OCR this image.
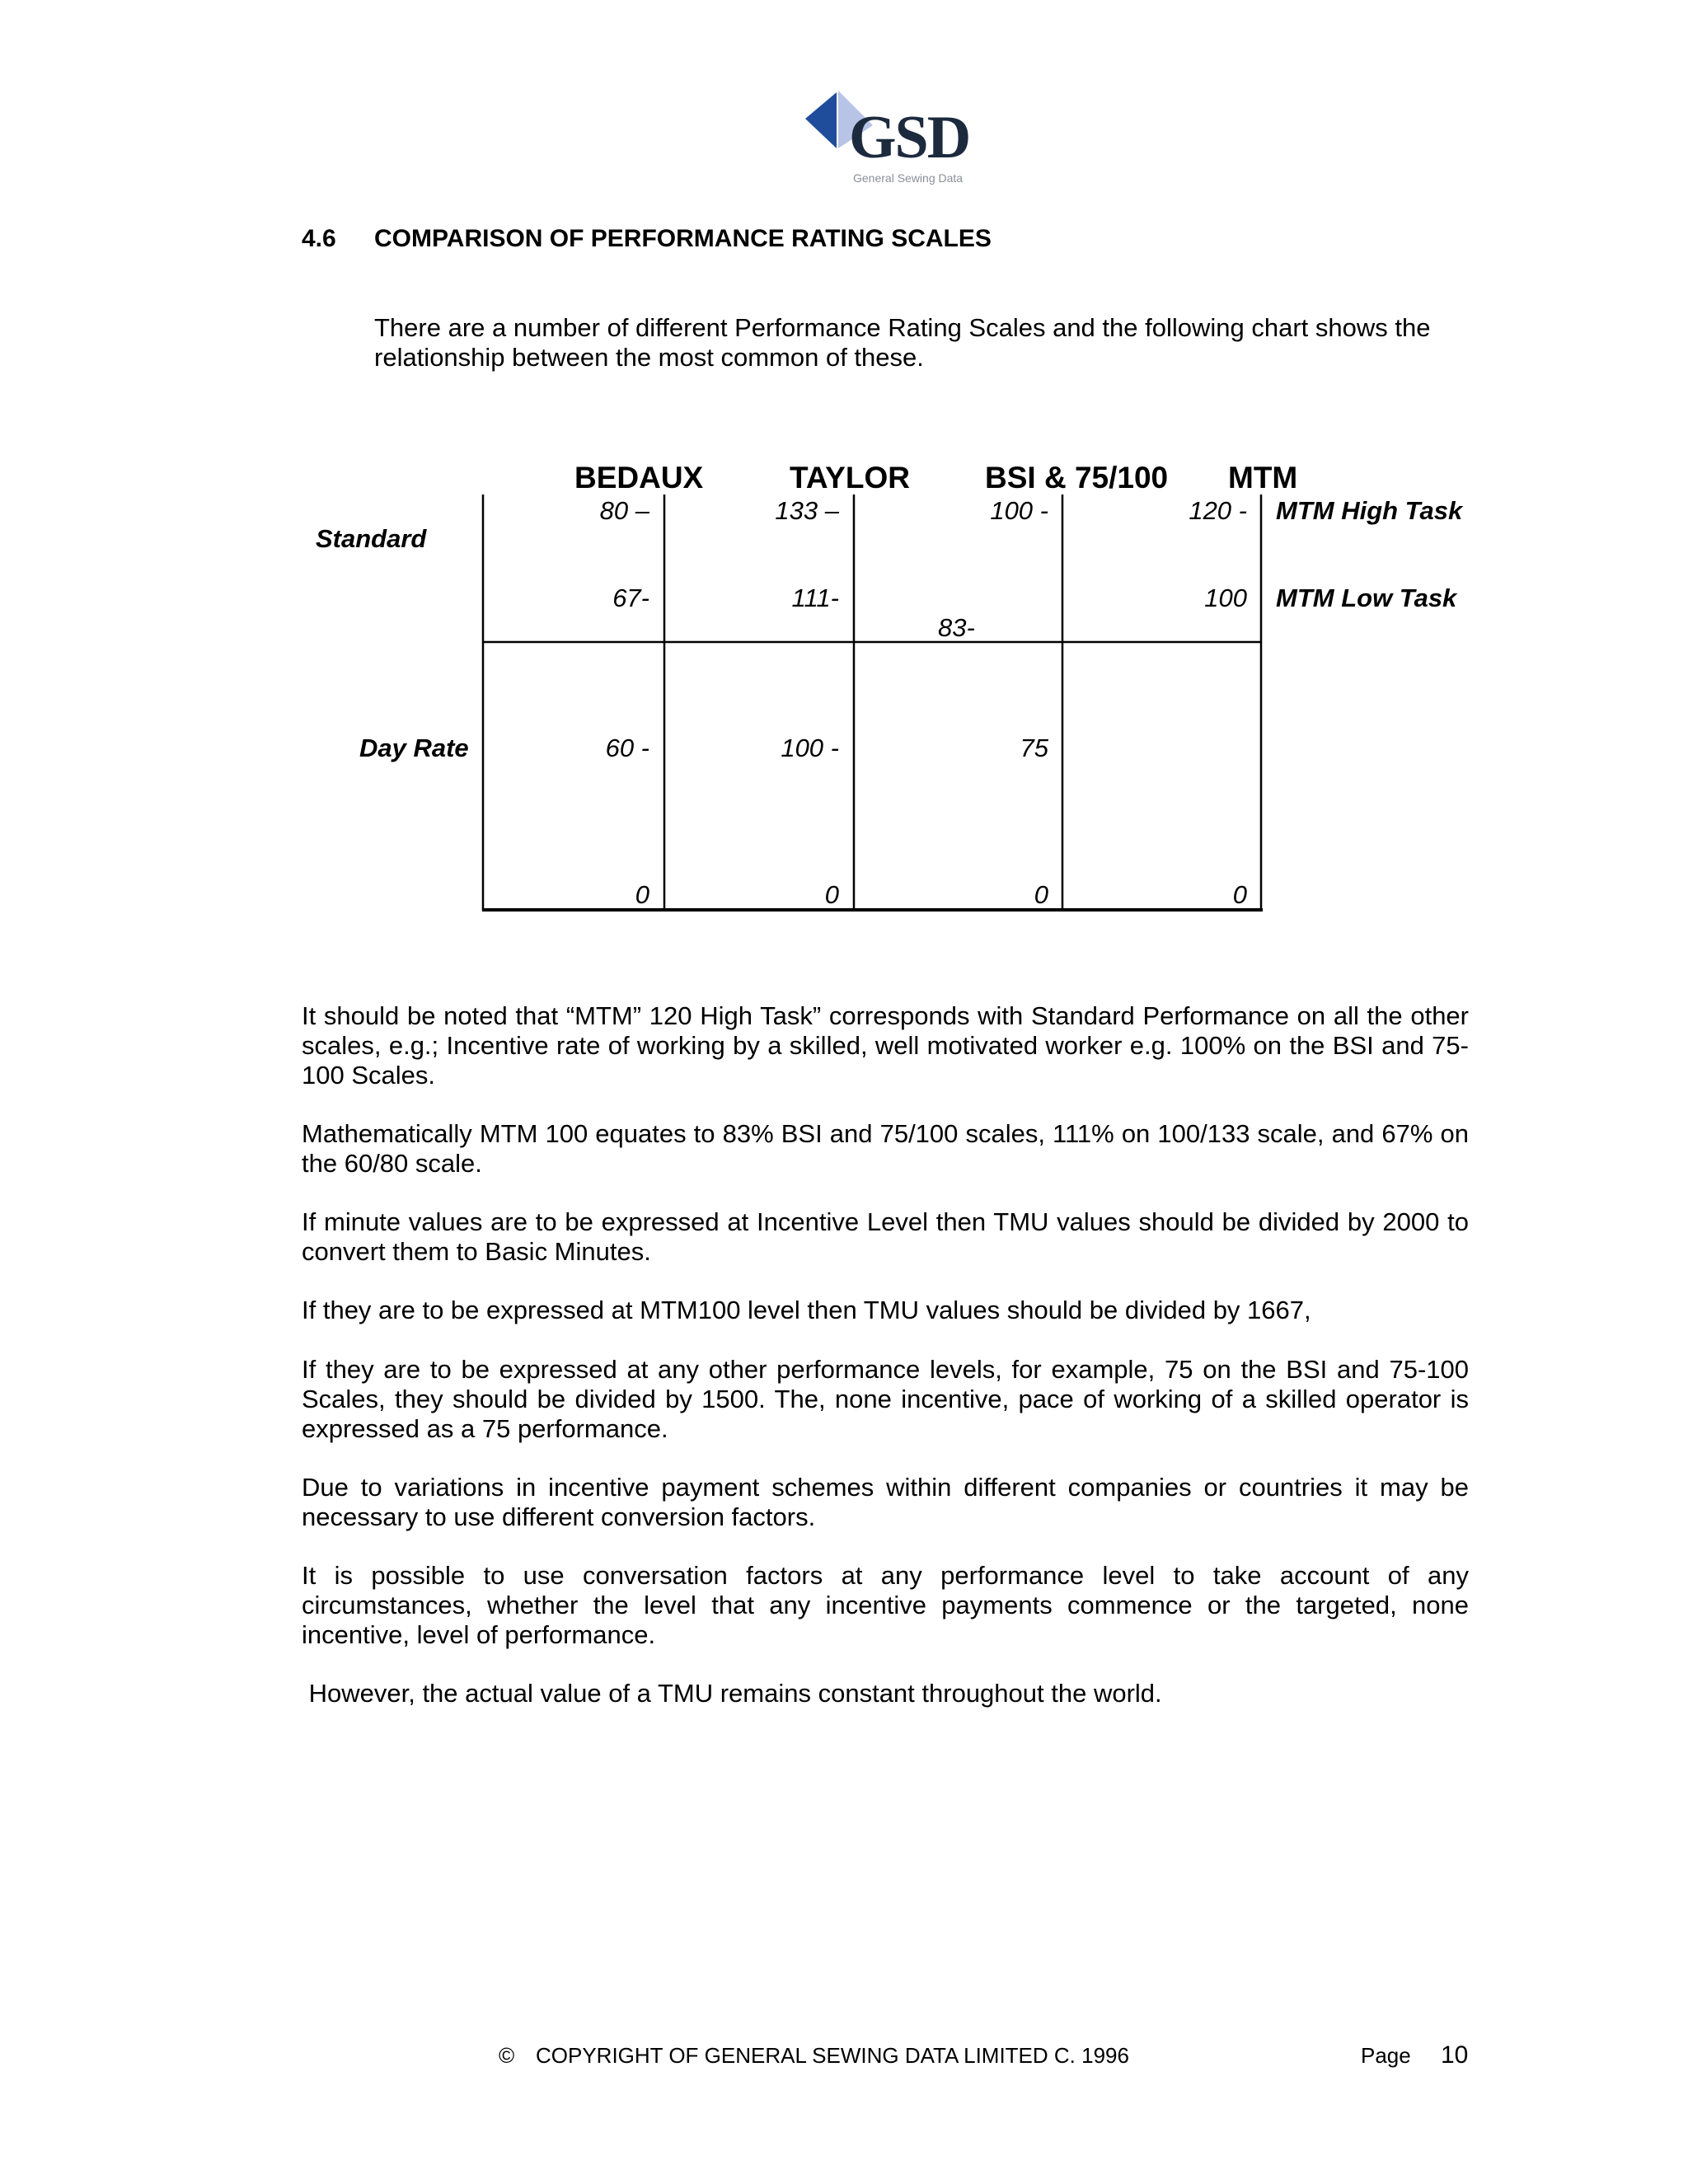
GSD
General Sewing Data
4.6 COMPARISON OF PERFORMANCE RATING SCALES
There are a number of different Performance Rating Scales and the following chart shows the relationship between the most common of these.
BEDAUX	TAYLOR BSI & 75/100 MTM
Standard
Day Rate
MTM High Task
MTM Low Task
80 –
67-
60 -
0
133 –
111-
100 -
0
100 -
83-
75
0
120 -
100
0
It should be noted that “MTM” 120 High Task” corresponds with Standard Performance on all the other scales, e.g.; Incentive rate of working by a skilled, well motivated worker e.g. 100% on the BSI and 75-100 Scales.
Mathematically MTM 100 equates to 83% BSI and 75/100 scales, 111% on 100/133 scale, and 67% on the 60/80 scale.
If minute values are to be expressed at Incentive Level then TMU values should be divided by 2000 to convert them to Basic Minutes.
If they are to be expressed at MTM100 level then TMU values should be divided by 1667,
If they are to be expressed at any other performance levels, for example, 75 on the BSI and 75-100 Scales, they should be divided by 1500. The, none incentive, pace of working of a skilled operator is expressed as a 75 performance.
Due to variations in incentive payment schemes within different companies or countries it may be necessary to use different conversion factors.
It is possible to use conversation factors at any performance level to take account of any circumstances, whether the level that any incentive payments commence or the targeted, none incentive, level of performance.
However, the actual value of a TMU remains constant throughout the world.
© COPYRIGHT OF GENERAL SEWING DATA LIMITED C. 1996	Page 10
